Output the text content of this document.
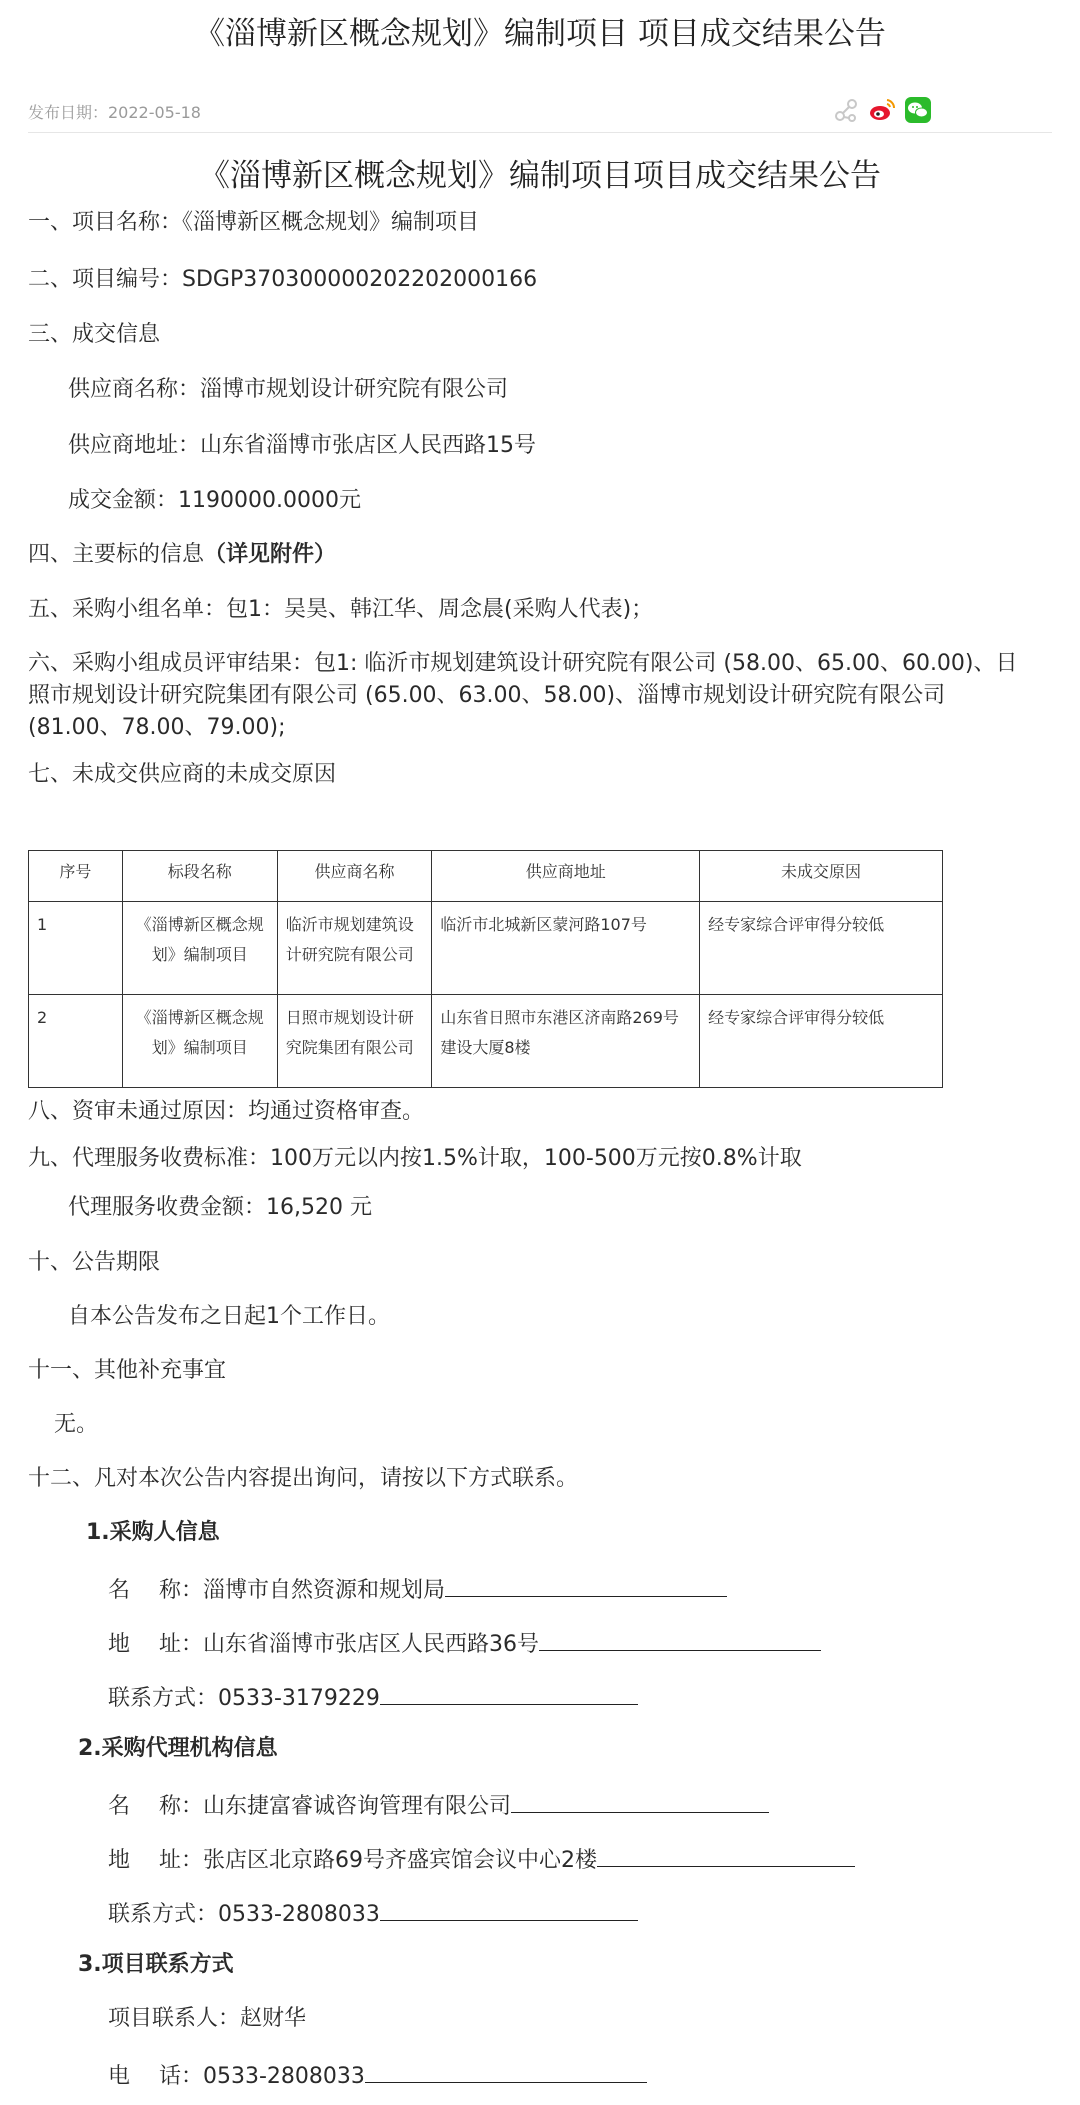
《淄博新区概念规划》编制项目 项目成交结果公告
发布日期：2022-05-18
《淄博新区概念规划》编制项目项目成交结果公告
一、项目名称：《淄博新区概念规划》编制项目
二、项目编号：SDGP370300000202202000166
三、成交信息
供应商名称：淄博市规划设计研究院有限公司
供应商地址：山东省淄博市张店区人民西路15号
成交金额：1190000.0000元
四、主要标的信息（详见附件）
五、采购小组名单：包1：吴昊、韩江华、周念晨(采购人代表)；
六、采购小组成员评审结果：包1: 临沂市规划建筑设计研究院有限公司 (58.00、65.00、60.00)、日照市规划设计研究院集团有限公司 (65.00、63.00、58.00)、淄博市规划设计研究院有限公司 (81.00、78.00、79.00);
七、未成交供应商的未成交原因
序号	标段名称	供应商名称	供应商地址	未成交原因
1	《淄博新区概念规划》编制项目	临沂市规划建筑设计研究院有限公司	临沂市北城新区蒙河路107号	经专家综合评审得分较低
2	《淄博新区概念规划》编制项目	日照市规划设计研究院集团有限公司	山东省日照市东港区济南路269号建设大厦8楼	经专家综合评审得分较低
八、资审未通过原因：均通过资格审查。
九、代理服务收费标准：100万元以内按1.5%计取，100-500万元按0.8%计取
代理服务收费金额：16,520 元
十、公告期限
自本公告发布之日起1个工作日。
十一、其他补充事宜
无。
十二、凡对本次公告内容提出询问，请按以下方式联系。
1.采购人信息
名　 称：淄博市自然资源和规划局
地　 址：山东省淄博市张店区人民西路36号
联系方式：0533-3179229
2.采购代理机构信息
名　 称：山东捷富睿诚咨询管理有限公司
地　 址：张店区北京路69号齐盛宾馆会议中心2楼
联系方式：0533-2808033
3.项目联系方式
项目联系人：赵财华
电　 话：0533-2808033
